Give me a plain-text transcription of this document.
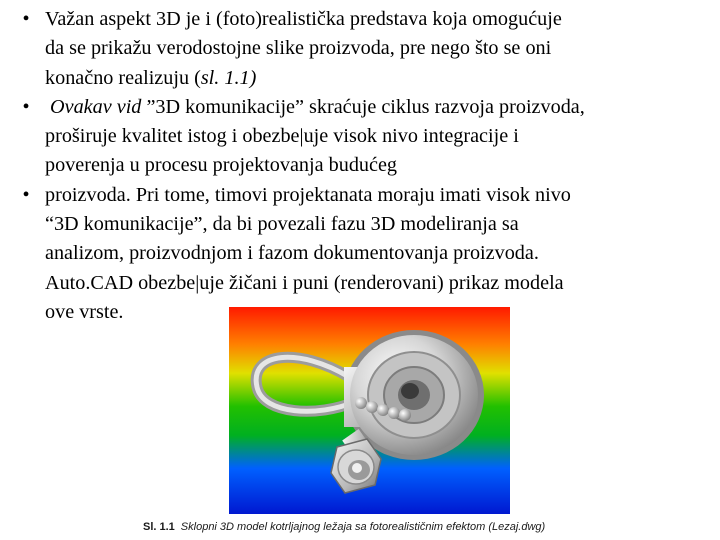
• Važan aspekt 3D je i (foto)realistička predstava koja omogućuje
da se prikažu verodostojne slike proizvoda, pre nego što se oni
konačno realizuju (sl. 1.1)
• Ovakav vid ”3D komunikacije” skraćuje ciklus razvoja proizvoda,
proširuje kvalitet istog i obezbe|uje visok nivo integracije i
poverenja u procesu projektovanja budućeg
• proizvoda. Pri tome, timovi projektanata moraju imati visok nivo
“3D komunikacije”, da bi povezali fazu 3D modeliranja sa
analizom, proizvodnjom i fazom dokumentovanja proizvoda.
Auto.CAD obezbe|uje žičani i puni (renderovani) prikaz modela
ove vrste.
Sl. 1.1 Sklopni 3D model kotrljajnog ležaja sa fotorealističnim efektom (Lezaj.dwg)
